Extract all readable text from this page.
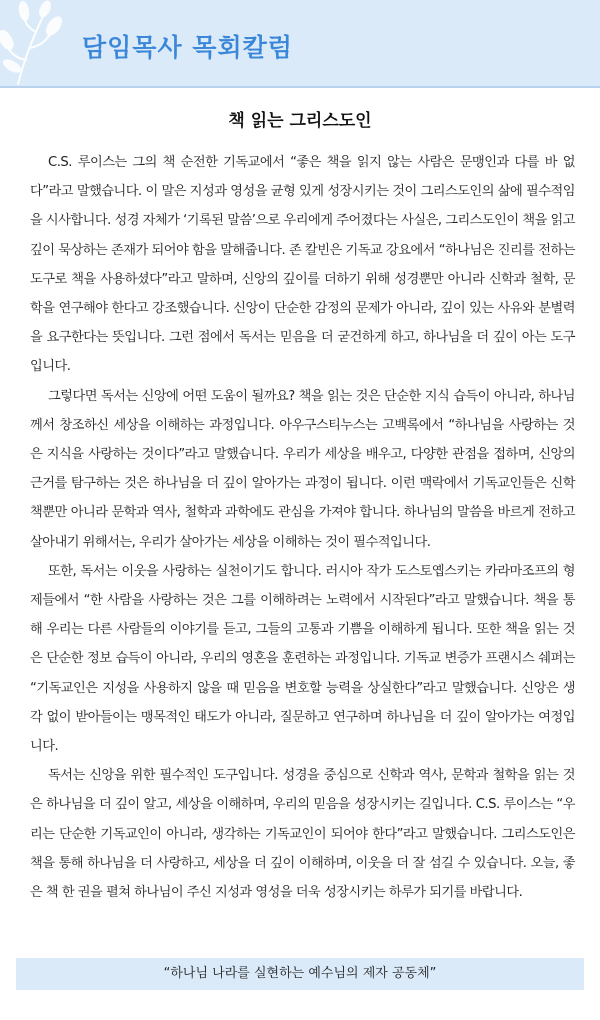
담임목사 목회칼럼
책 읽는 그리스도인

C.S. 루이스는 그의 책 순전한 기독교에서 “좋은 책을 읽지 않는 사람은 문맹인과 다를 바 없다”라고 말했습니다. 이 말은 지성과 영성을 균형 있게 성장시키는 것이 그리스도인의 삶에 필수적임을 시사합니다. 성경 자체가 ‘기록된 말씀’으로 우리에게 주어졌다는 사실은, 그리스도인이 책을 읽고 깊이 묵상하는 존재가 되어야 함을 말해줍니다. 존 칼빈은 기독교 강요에서 “하나님은 진리를 전하는 도구로 책을 사용하셨다”라고 말하며, 신앙의 깊이를 더하기 위해 성경뿐만 아니라 신학과 철학, 문학을 연구해야 한다고 강조했습니다. 신앙이 단순한 감정의 문제가 아니라, 깊이 있는 사유와 분별력을 요구한다는 뜻입니다. 그런 점에서 독서는 믿음을 더 굳건하게 하고, 하나님을 더 깊이 아는 도구입니다.

그렇다면 독서는 신앙에 어떤 도움이 될까요? 책을 읽는 것은 단순한 지식 습득이 아니라, 하나님께서 창조하신 세상을 이해하는 과정입니다. 아우구스티누스는 고백록에서 “하나님을 사랑하는 것은 지식을 사랑하는 것이다”라고 말했습니다. 우리가 세상을 배우고, 다양한 관점을 접하며, 신앙의 근거를 탐구하는 것은 하나님을 더 깊이 알아가는 과정이 됩니다. 이런 맥락에서 기독교인들은 신학책뿐만 아니라 문학과 역사, 철학과 과학에도 관심을 가져야 합니다. 하나님의 말씀을 바르게 전하고 살아내기 위해서는, 우리가 살아가는 세상을 이해하는 것이 필수적입니다.

또한, 독서는 이웃을 사랑하는 실천이기도 합니다. 러시아 작가 도스토옙스키는 카라마조프의 형제들에서 “한 사람을 사랑하는 것은 그를 이해하려는 노력에서 시작된다”라고 말했습니다. 책을 통해 우리는 다른 사람들의 이야기를 듣고, 그들의 고통과 기쁨을 이해하게 됩니다. 또한 책을 읽는 것은 단순한 정보 습득이 아니라, 우리의 영혼을 훈련하는 과정입니다. 기독교 변증가 프랜시스 쉐퍼는 “기독교인은 지성을 사용하지 않을 때 믿음을 변호할 능력을 상실한다”라고 말했습니다. 신앙은 생각 없이 받아들이는 맹목적인 태도가 아니라, 질문하고 연구하며 하나님을 더 깊이 알아가는 여정입니다.

독서는 신앙을 위한 필수적인 도구입니다. 성경을 중심으로 신학과 역사, 문학과 철학을 읽는 것은 하나님을 더 깊이 알고, 세상을 이해하며, 우리의 믿음을 성장시키는 길입니다. C.S. 루이스는 “우리는 단순한 기독교인이 아니라, 생각하는 기독교인이 되어야 한다”라고 말했습니다. 그리스도인은 책을 통해 하나님을 더 사랑하고, 세상을 더 깊이 이해하며, 이웃을 더 잘 섬길 수 있습니다. 오늘, 좋은 책 한 권을 펼쳐 하나님이 주신 지성과 영성을 더욱 성장시키는 하루가 되기를 바랍니다.

“하나님 나라를 실현하는 예수님의 제자 공동체”
